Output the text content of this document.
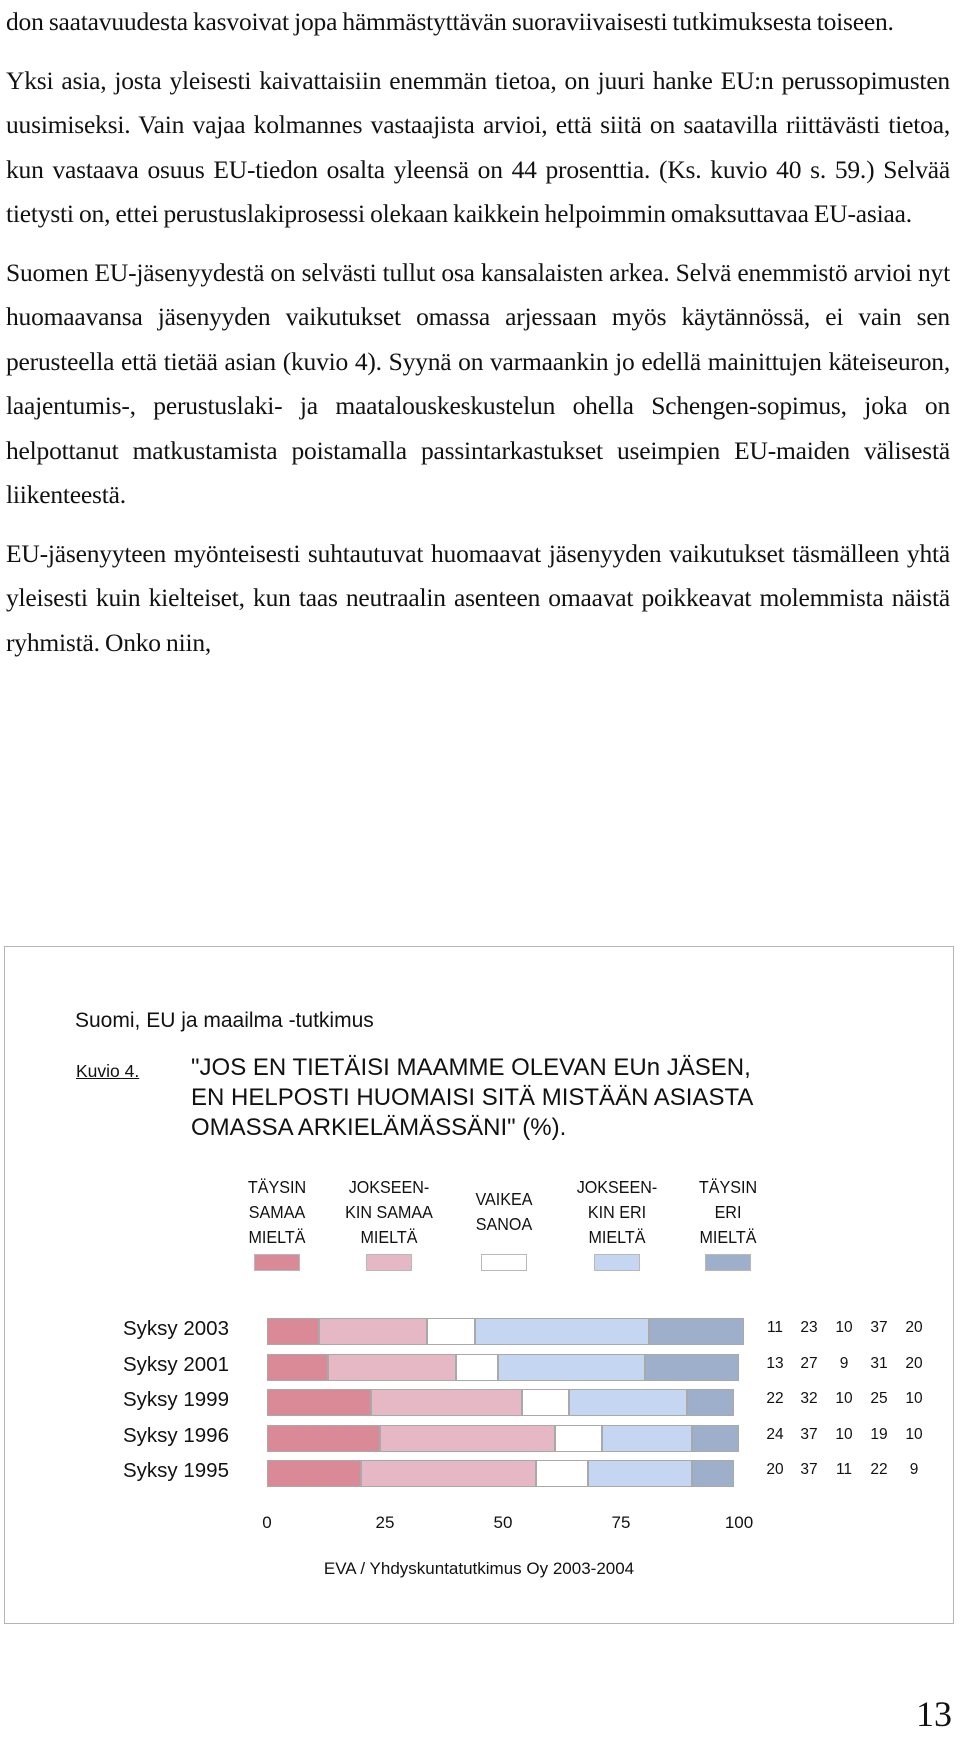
don saatavuudesta kasvoivat jopa hämmästyttävän suoraviivaisesti tutkimuksesta toiseen.

Yksi asia, josta yleisesti kaivattaisiin enemmän tietoa, on juuri hanke EU:n perussopimusten uusimiseksi. Vain vajaa kolmannes vastaajista arvioi, että siitä on saatavilla riittävästi tietoa, kun vastaava osuus EU-tiedon osalta yleensä on 44 prosenttia. (Ks. kuvio 40 s. 59.) Selvää tietysti on, ettei perustuslakiprosessi olekaan kaikkein helpoimmin omaksuttavaa EU-asiaa.

Suomen EU-jäsenyydestä on selvästi tullut osa kansalaisten arkea. Selvä enemmistö arvioi nyt huomaavansa jäsenyyden vaikutukset omassa arjessaan myös käytännössä, ei vain sen perusteella että tietää asian (kuvio 4). Syynä on varmaankin jo edellä mainittujen käteiseuron, laajentumis-, perustuslaki- ja maatalouskeskustelun ohella Schengen-sopimus, joka on helpottanut matkustamista poistamalla passintarkastukset useimpien EU-maiden välisestä liikenteestä.

EU-jäsenyyteen myönteisesti suhtautuvat huomaavat jäsenyyden vaikutukset täsmälleen yhtä yleisesti kuin kielteiset, kun taas neutraalin asenteen omaavat poikkeavat molemmista näistä ryhmistä. Onko niin,

Suomi, EU ja maailma -tutkimus
Kuvio 4. "JOS EN TIETÄISI MAAMME OLEVAN EUn JÄSEN,
EN HELPOSTI HUOMAISI SITÄ MISTÄÄN ASIASTA
OMASSA ARKIELÄMÄSSÄNI" (%).
TÄYSIN
SAMAA
MIELTÄ
JOKSEEN-
KIN SAMAA
MIELTÄ
VAIKEA
SANOA
JOKSEEN-
KIN ERI
MIELTÄ
TÄYSIN
ERI
MIELTÄ
Syksy 2003	11 23 10 37 20
Syksy 2001	13 27 9 31 20
Syksy 1999	22 32 10 25 10
Syksy 1996	24 37 10 19 10
Syksy 1995	20 37 11 22 9
0	25	50	75	100
EVA / Yhdyskuntatutkimus Oy 2003-2004
13
